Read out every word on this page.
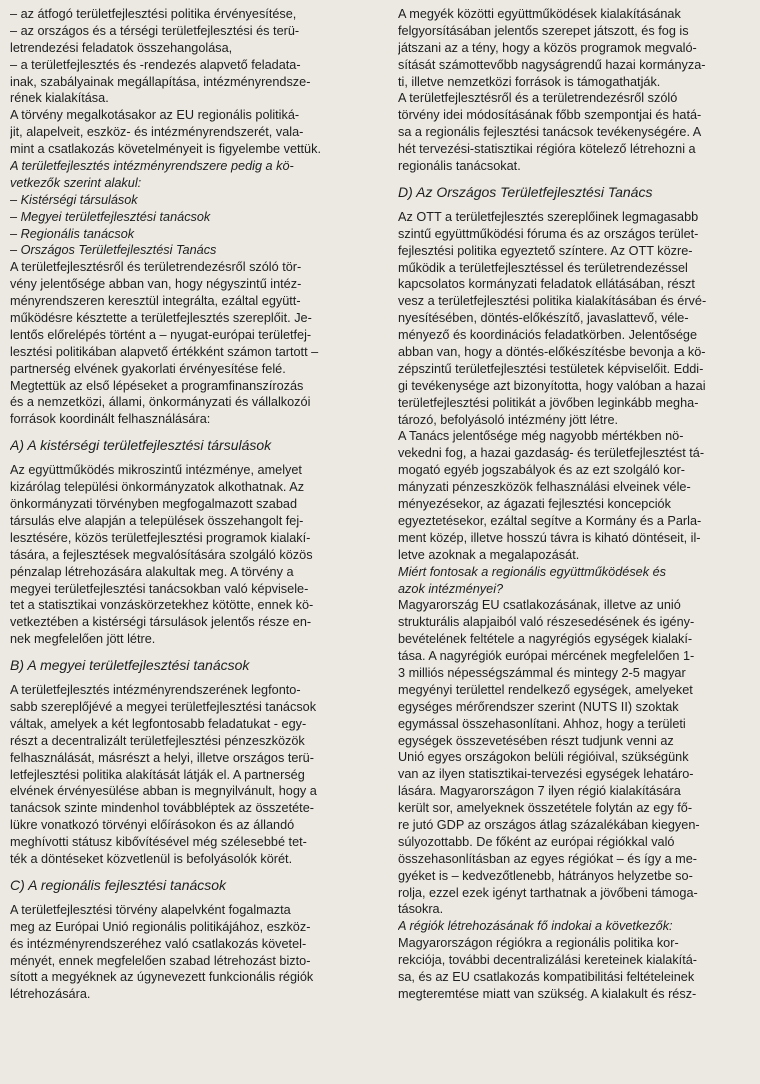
– az átfogó területfejlesztési politika érvényesítése,
– az országos és a térségi területfejlesztési és terü-
letrendezési feladatok összehangolása,
– a területfejlesztés és -rendezés alapvető feladata-
inak, szabályainak megállapítása, intézményrendsze-
rének kialakítása.
A törvény megalkotásakor az EU regionális politiká-
jit, alapelveit, eszköz- és intézményrendszerét, vala-
mint a csatlakozás követelményeit is figyelembe vettük.
A területfejlesztés intézményrendszere pedig a kö-
vetkezők szerint alakul:
– Kistérségi társulások
– Megyei területfejlesztési tanácsok
– Regionális tanácsok
– Országos Területfejlesztési Tanács
A területfejlesztésről és területrendezésről szóló tör-
vény jelentősége abban van, hogy négyszintű intéz-
ményrendszeren keresztül integrálta, ezáltal együtt-
működésre késztette a területfejlesztés szereplőit. Je-
lentős előrelépés történt a – nyugat-európai területfej-
lesztési politikában alapvető értékként számon tartott –
partnerség elvének gyakorlati érvényesítése felé.
Megtettük az első lépéseket a programfinanszírozás
és a nemzetközi, állami, önkormányzati és vállalkozói
források koordinált felhasználására:
A) A kistérségi területfejlesztési társulások
Az együttműködés mikroszintű intézménye, amelyet
kizárólag települési önkormányzatok alkothatnak. Az
önkormányzati törvényben megfogalmazott szabad
társulás elve alapján a települések összehangolt fej-
lesztésére, közös területfejlesztési programok kialakí-
tására, a fejlesztések megvalósítására szolgáló közös
pénzalap létrehozására alakultak meg. A törvény a
megyei területfejlesztési tanácsokban való képvisele-
tet a statisztikai vonzáskörzetekhez kötötte, ennek kö-
vetkeztében a kistérségi társulások jelentős része en-
nek megfelelően jött létre.
B) A megyei területfejlesztési tanácsok
A területfejlesztés intézményrendszerének legfonto-
sabb szereplőjévé a megyei területfejlesztési tanácsok
váltak, amelyek a két legfontosabb feladatukat - egy-
részt a decentralizált területfejlesztési pénzeszközök
felhasználását, másrészt a helyi, illetve országos terü-
letfejlesztési politika alakítását látják el. A partnerség
elvének érvényesülése abban is megnyilvánult, hogy a
tanácsok szinte mindenhol továbbléptek az összetéte-
lükre vonatkozó törvényi előírásokon és az állandó
meghívotti státusz kibővítésével még szélesebbé tet-
ték a döntéseket közvetlenül is befolyásolók körét.
C) A regionális fejlesztési tanácsok
A területfejlesztési törvény alapelvként fogalmazta
meg az Európai Unió regionális politikájához, eszköz-
és intézményrendszeréhez való csatlakozás követel-
ményét, ennek megfelelően szabad létrehozást bizto-
sított a megyéknek az úgynevezett funkcionális régiók
létrehozására.
A megyék közötti együttműködések kialakításának
felgyorsításában jelentős szerepet játszott, és fog is
játszani az a tény, hogy a közös programok megvaló-
sítását számottevőbb nagyságrendű hazai kormányza-
ti, illetve nemzetközi források is támogathatják.
A területfejlesztésről és a területrendezésről szóló
törvény idei módosításának főbb szempontjai és hatá-
sa a regionális fejlesztési tanácsok tevékenységére. A
hét tervezési-statisztikai régióra kötelező létrehozni a
regionális tanácsokat.
D) Az Országos Területfejlesztési Tanács
Az OTT a területfejlesztés szereplőinek legmagasabb
szintű együttműködési fóruma és az országos terület-
fejlesztési politika egyeztető színtere. Az OTT közre-
működik a területfejlesztéssel és területrendezéssel
kapcsolatos kormányzati feladatok ellátásában, részt
vesz a területfejlesztési politika kialakításában és érvé-
nyesítésében, döntés-előkészítő, javaslattevő, véle-
ményező és koordinációs feladatkörben. Jelentősége
abban van, hogy a döntés-előkészítésbe bevonja a kö-
zépszintű területfejlesztési testületek képviselőit. Eddi-
gi tevékenysége azt bizonyította, hogy valóban a hazai
területfejlesztési politikát a jövőben leginkább megha-
tározó, befolyásoló intézmény jött létre.
A Tanács jelentősége még nagyobb mértékben nö-
vekedni fog, a hazai gazdaság- és területfejlesztést tá-
mogató egyéb jogszabályok és az ezt szolgáló kor-
mányzati pénzeszközök felhasználási elveinek véle-
ményezésekor, az ágazati fejlesztési koncepciók
egyeztetésekor, ezáltal segítve a Kormány és a Parla-
ment közép, illetve hosszú távra is kiható döntéseit, il-
letve azoknak a megalapozását.
Miért fontosak a regionális együttműködések és
azok intézményei?
Magyarország EU csatlakozásának, illetve az unió
strukturális alapjaiból való részesedésének és igény-
bevételének feltétele a nagyrégiós egységek kialakí-
tása. A nagyrégiók európai mércének megfelelően 1-
3 milliós népességszámmal és mintegy 2-5 magyar
megyényi területtel rendelkező egységek, amelyeket
egységes mérőrendszer szerint (NUTS II) szoktak
egymással összehasonlítani. Ahhoz, hogy a területi
egységek összevetésében részt tudjunk venni az
Unió egyes országokon belüli régióival, szükségünk
van az ilyen statisztikai-tervezési egységek lehatáro-
lására. Magyarországon 7 ilyen régió kialakítására
került sor, amelyeknek összetétele folytán az egy fő-
re jutó GDP az országos átlag százalékában kiegyen-
súlyozottabb. De főként az európai régiókkal való
összehasonlításban az egyes régiókat – és így a me-
gyéket is – kedvezőtlenebb, hátrányos helyzetbe so-
rolja, ezzel ezek igényt tarthatnak a jövőbeni támoga-
tásokra.
A régiók létrehozásának fő indokai a következők:
Magyarországon régiókra a regionális politika kor-
rekciója, további decentralizálási kereteinek kialakítá-
sa, és az EU csatlakozás kompatibilitási feltételeinek
megteremtése miatt van szükség. A kialakult és rész-
